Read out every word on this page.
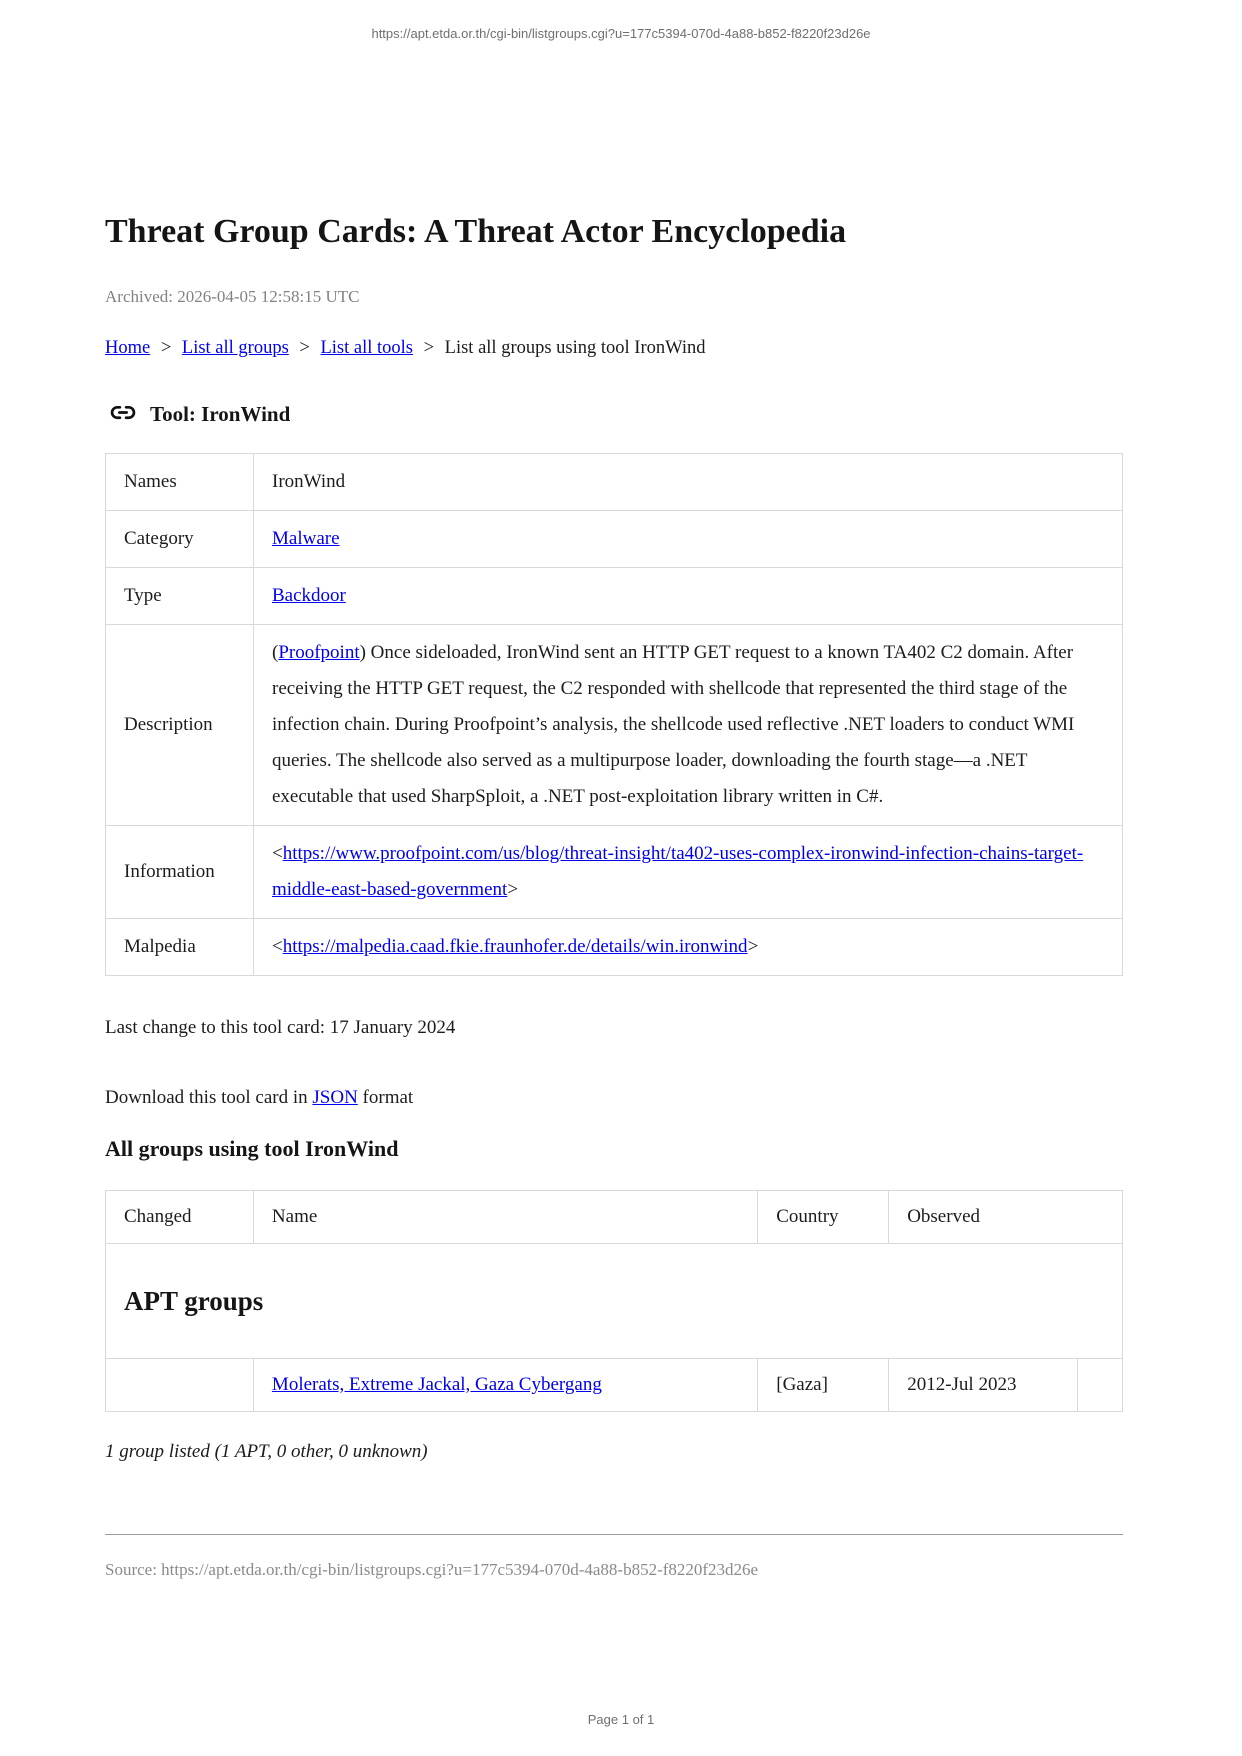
https://apt.etda.or.th/cgi-bin/listgroups.cgi?u=177c5394-070d-4a88-b852-f8220f23d26e
Threat Group Cards: A Threat Actor Encyclopedia

Archived: 2026-04-05 12:58:15 UTC

Home > List all groups > List all tools > List all groups using tool IronWind

Tool: IronWind
Names	IronWind
Category	Malware
Type	Backdoor
Description	(Proofpoint) Once sideloaded, IronWind sent an HTTP GET request to a known TA402 C2 domain. After receiving the HTTP GET request, the C2 responded with shellcode that represented the third stage of the infection chain. During Proofpoint’s analysis, the shellcode used reflective .NET loaders to conduct WMI queries. The shellcode also served as a multipurpose loader, downloading the fourth stage—a .NET executable that used SharpSploit, a .NET post-exploitation library written in C#.
Information	<https://www.proofpoint.com/us/blog/threat-insight/ta402-uses-complex-ironwind-infection-chains-target-middle-east-based-government>
Malpedia	<https://malpedia.caad.fkie.fraunhofer.de/details/win.ironwind>

Last change to this tool card: 17 January 2024

Download this tool card in JSON format

All groups using tool IronWind
Changed	Name	Country	Observed	
APT groups				
	Molerats, Extreme Jackal, Gaza Cybergang	[Gaza]	2012-Jul 2023	

1 group listed (1 APT, 0 other, 0 unknown)

Source: https://apt.etda.or.th/cgi-bin/listgroups.cgi?u=177c5394-070d-4a88-b852-f8220f23d26e

Page 1 of 1
